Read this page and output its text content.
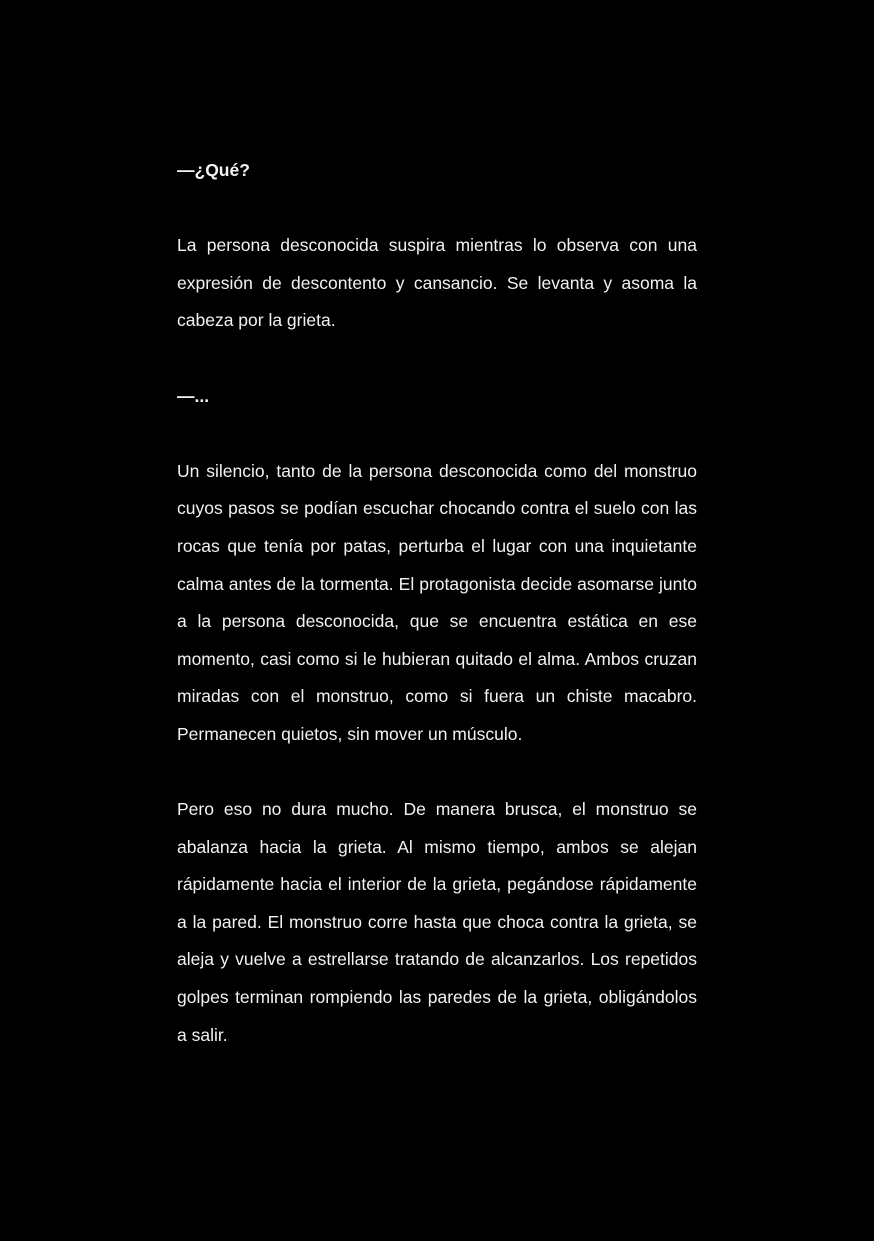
—¿Qué?

La persona desconocida suspira mientras lo observa con una expresión de descontento y cansancio. Se levanta y asoma la cabeza por la grieta.

—...

Un silencio, tanto de la persona desconocida como del monstruo cuyos pasos se podían escuchar chocando contra el suelo con las rocas que tenía por patas, perturba el lugar con una inquietante calma antes de la tormenta. El protagonista decide asomarse junto a la persona desconocida, que se encuentra estática en ese momento, casi como si le hubieran quitado el alma. Ambos cruzan miradas con el monstruo, como si fuera un chiste macabro. Permanecen quietos, sin mover un músculo.

Pero eso no dura mucho. De manera brusca, el monstruo se abalanza hacia la grieta. Al mismo tiempo, ambos se alejan rápidamente hacia el interior de la grieta, pegándose rápidamente a la pared. El monstruo corre hasta que choca contra la grieta, se aleja y vuelve a estrellarse tratando de alcanzarlos. Los repetidos golpes terminan rompiendo las paredes de la grieta, obligándolos a salir.
